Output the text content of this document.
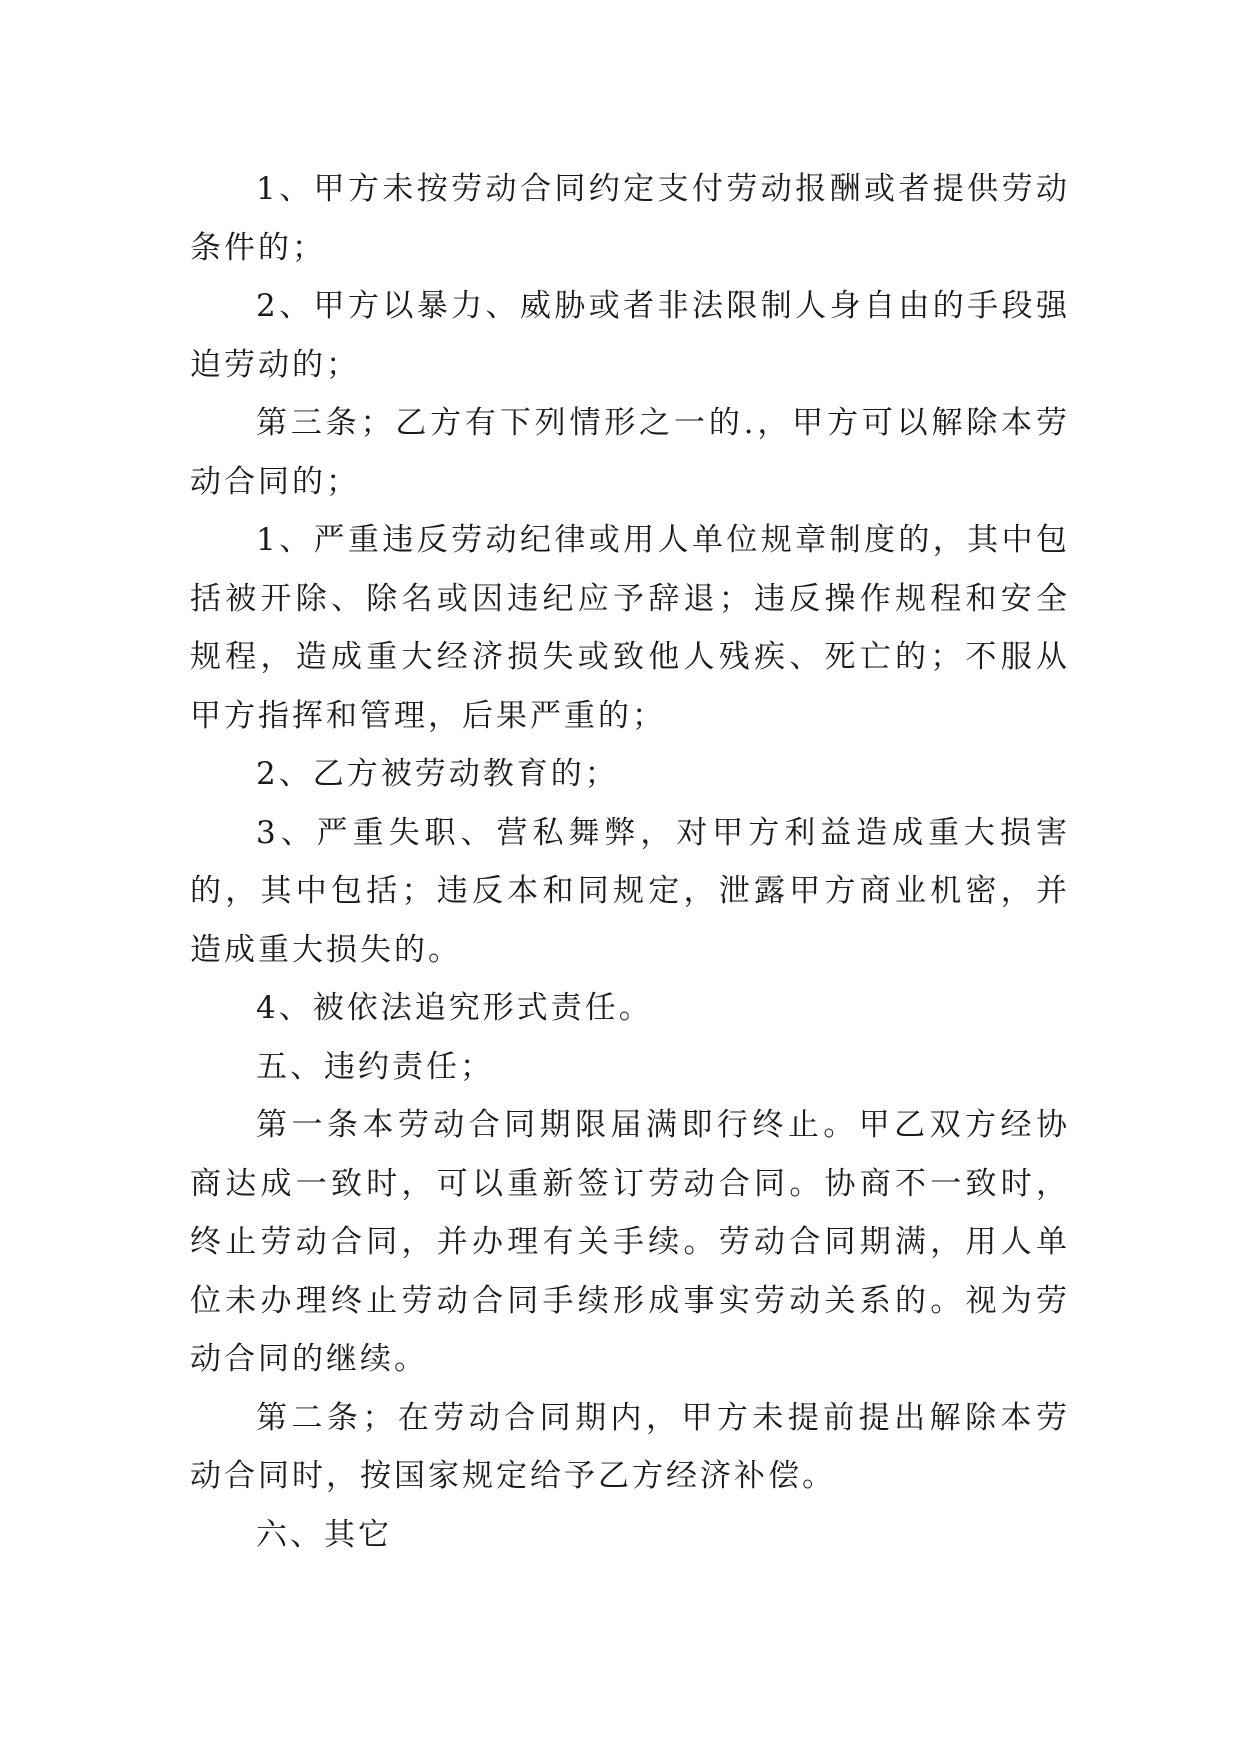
1、甲方未按劳动合同约定支付劳动报酬或者提供劳动条件的；

2、甲方以暴力、威胁或者非法限制人身自由的手段强迫劳动的；

第三条；乙方有下列情形之一的.，甲方可以解除本劳动合同的；

1、严重违反劳动纪律或用人单位规章制度的，其中包括被开除、除名或因违纪应予辞退；违反操作规程和安全规程，造成重大经济损失或致他人残疾、死亡的；不服从甲方指挥和管理，后果严重的；

2、乙方被劳动教育的；

3、严重失职、营私舞弊，对甲方利益造成重大损害的，其中包括；违反本和同规定，泄露甲方商业机密，并造成重大损失的。

4、被依法追究形式责任。

五、违约责任；

第一条本劳动合同期限届满即行终止。甲乙双方经协商达成一致时，可以重新签订劳动合同。协商不一致时，终止劳动合同，并办理有关手续。劳动合同期满，用人单位未办理终止劳动合同手续形成事实劳动关系的。视为劳动合同的继续。

第二条；在劳动合同期内，甲方未提前提出解除本劳动合同时，按国家规定给予乙方经济补偿。

六、其它
